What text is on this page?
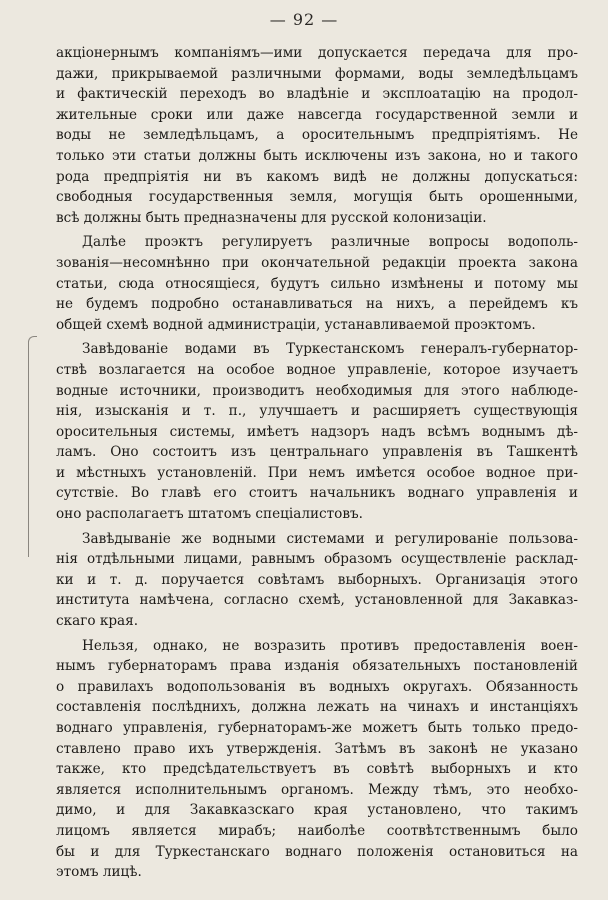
— 92 —
акціонернымъ компаніямъ—ими допускается передача для про-
дажи, прикрываемой различными формами, воды земледѣльцамъ
и фактическій переходъ во владѣніе и эксплоатацію на продол-
жительные сроки или даже навсегда государственной земли и
воды не земледѣльцамъ, а оросительнымъ предпріятіямъ. Не
только эти статьи должны быть исключены изъ закона, но и такого
рода предпріятія ни въ какомъ видѣ не должны допускаться:
свободныя государственныя земля, могущія быть орошенными,
всѣ должны быть предназначены для русской колонизаціи.
Далѣе проэктъ регулируетъ различные вопросы водополь-
зованія—несомнѣнно при окончательной редакціи проекта закона
статьи, сюда относящіеся, будутъ сильно измѣнены и потому мы
не будемъ подробно останавливаться на нихъ, а перейдемъ къ
общей схемѣ водной администраціи, устанавливаемой проэктомъ.
Завѣдованіе водами въ Туркестанскомъ генералъ-губернатор-
ствѣ возлагается на особое водное управленіе, которое изучаетъ
водные источники, производитъ необходимыя для этого наблюде-
нія, изысканія и т. п., улучшаетъ и расширяетъ существующія
оросительныя системы, имѣетъ надзоръ надъ всѣмъ воднымъ дѣ-
ламъ. Оно состоитъ изъ центральнаго управленія въ Ташкентѣ
и мѣстныхъ установленій. При немъ имѣется особое водное при-
сутствіе. Во главѣ его стоитъ начальникъ воднаго управленія и
оно располагаетъ штатомъ спеціалистовъ.
Завѣдываніе же водными системами и регулированіе пользова-
нія отдѣльными лицами, равнымъ образомъ осуществленіе расклад-
ки и т. д. поручается совѣтамъ выборныхъ. Организація этого
института намѣчена, согласно схемѣ, установленной для Закавказ-
скаго края.
Нельзя, однако, не возразить противъ предоставленія воен-
нымъ губернаторамъ права изданія обязательныхъ постановленій
о правилахъ водопользованія въ водныхъ округахъ. Обязанность
составленія послѣднихъ, должна лежать на чинахъ и инстанціяхъ
воднаго управленія, губернаторамъ-же можетъ быть только предо-
ставлено право ихъ утвержденія. Затѣмъ въ законѣ не указано
также, кто предсѣдательствуетъ въ совѣтѣ выборныхъ и кто
является исполнительнымъ органомъ. Между тѣмъ, это необхо-
димо, и для Закавказскаго края установлено, что такимъ
лицомъ является мирабъ; наиболѣе соотвѣтственнымъ было
бы и для Туркестанскаго воднаго положенія остановиться на
этомъ лицѣ.
